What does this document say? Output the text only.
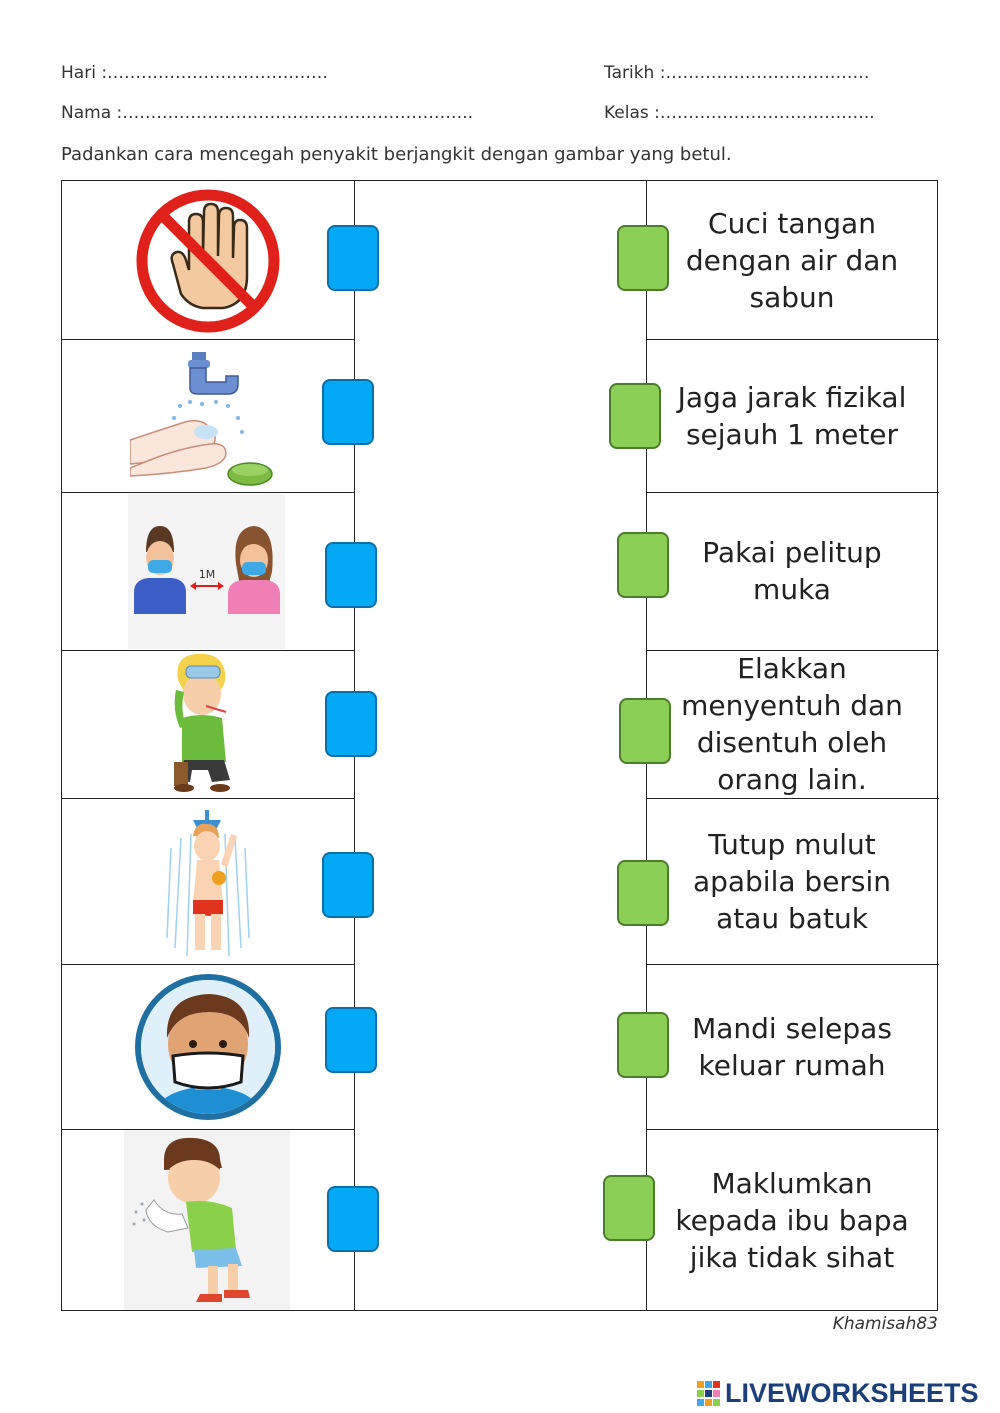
Hari :…………………………………	Tarikh :………………………………
Nama :……………………………………………………..	Kelas :………………………………..
Padankan cara mencegah penyakit berjangkit dengan gambar yang betul.
1M
Cuci tangan dengan air dan sabun
Jaga jarak fizikal sejauh 1 meter
Pakai pelitup muka
Elakkan menyentuh dan disentuh oleh orang lain.
Tutup mulut apabila bersin atau batuk
Mandi selepas keluar rumah
Maklumkan kepada ibu bapa jika tidak sihat
Khamisah83
LIVEWORKSHEETS
